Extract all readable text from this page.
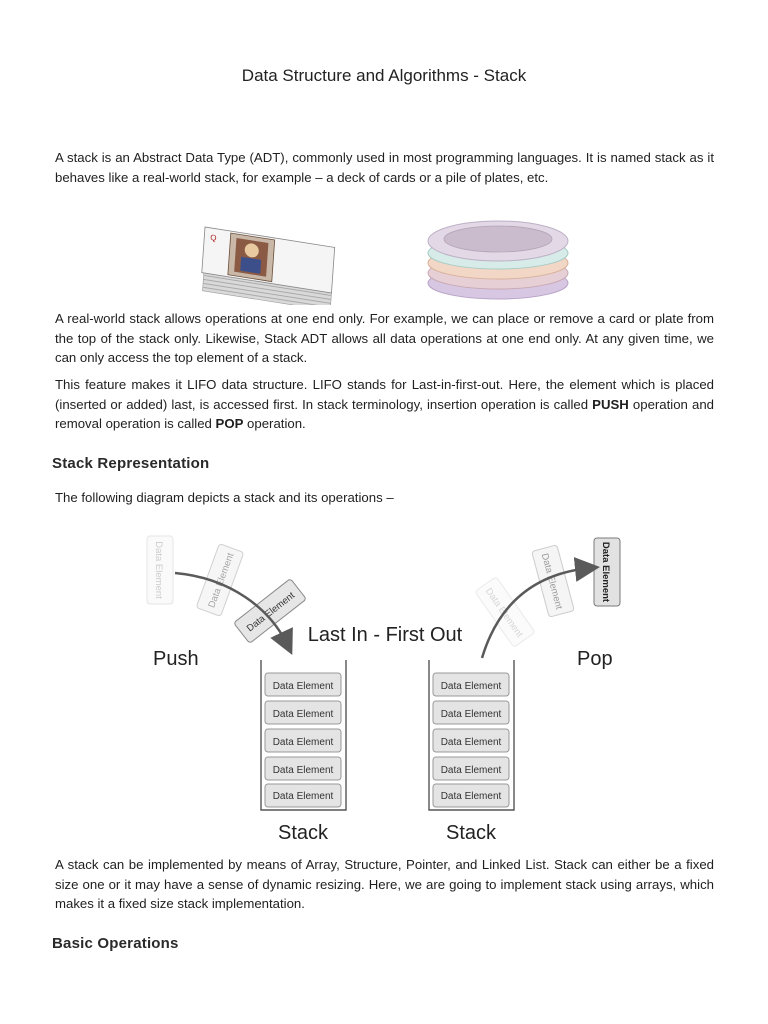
Data Structure and Algorithms - Stack

A stack is an Abstract Data Type (ADT), commonly used in most programming languages. It is named stack as it behaves like a real-world stack, for example – a deck of cards or a pile of plates, etc.

Q

A real-world stack allows operations at one end only. For example, we can place or remove a card or plate from the top of the stack only. Likewise, Stack ADT allows all data operations at one end only. At any given time, we can only access the top element of a stack.

This feature makes it LIFO data structure. LIFO stands for Last-in-first-out. Here, the element which is placed (inserted or added) last, is accessed first. In stack terminology, insertion operation is called PUSH operation and removal operation is called POP operation.

Stack Representation

The following diagram depicts a stack and its operations –

Data Element	Data Element
Data Element	Data Element
Data Element	Data Element
Push	Pop
Last In - First Out
Data Element
Data Element
Data Element
Data Element
Data Element
Data Element
Data Element
Data Element
Data Element
Data Element
Stack	Stack

A stack can be implemented by means of Array, Structure, Pointer, and Linked List. Stack can either be a fixed size one or it may have a sense of dynamic resizing. Here, we are going to implement stack using arrays, which makes it a fixed size stack implementation.

Basic Operations
